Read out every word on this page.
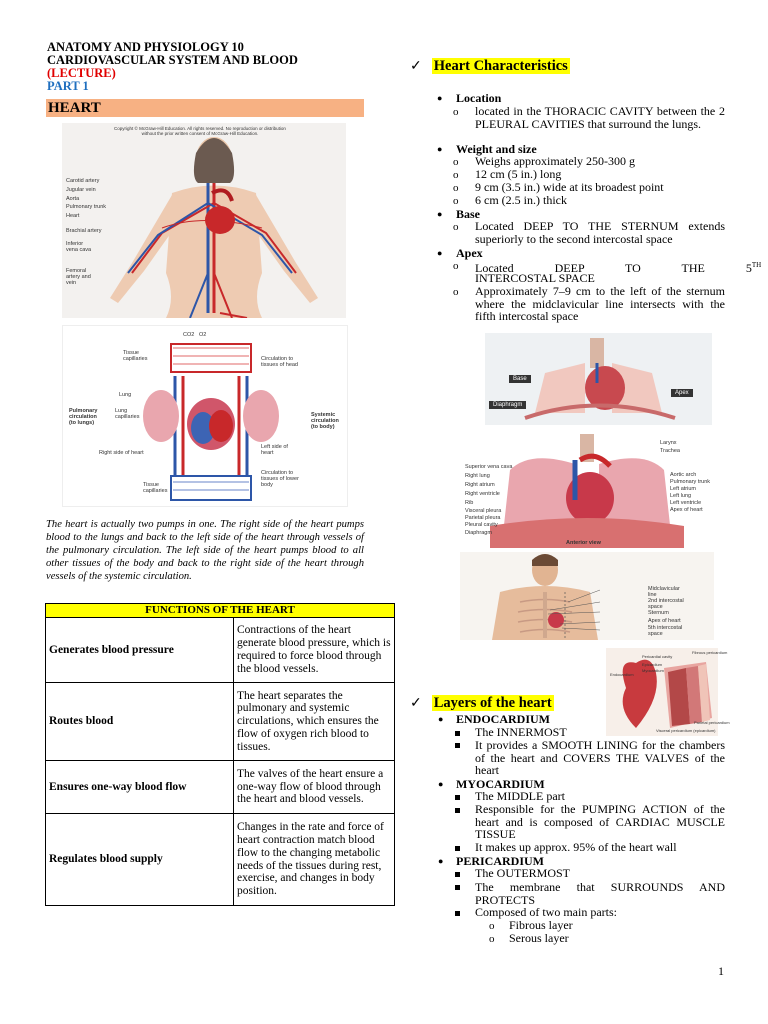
ANATOMY AND PHYSIOLOGY 10
CARDIOVASCULAR SYSTEM AND BLOOD
(LECTURE)
PART 1
HEART
Copyright © McGraw-Hill Education. All rights reserved. No reproduction or distribution without the prior written consent of McGraw-Hill Education.
Carotid artery
Jugular vein
Aorta
Pulmonary trunk
Heart
Brachial artery
Inferior vena cava
Femoral artery and vein
Tissue capillaries	Circulation to tissues of head
Lung
Lung capillaries
Pulmonary circulation (to lungs)
Systemic circulation (to body)
Left side of heart
Right side of heart
Circulation to tissues of lower body
Tissue capillaries
CO2 O2
The heart is actually two pumps in one. The right side of the heart pumps blood to the lungs and back to the left side of the heart through vessels of the pulmonary circulation. The left side of the heart pumps blood to all other tissues of the body and back to the right side of the heart through vessels of the systemic circulation.
FUNCTIONS OF THE HEART	
Generates blood pressure	Contractions of the heart generate blood pressure, which is required to force blood through the blood vessels.
Routes blood	The heart separates the pulmonary and systemic circulations, which ensures the flow of oxygen rich blood to tissues.
Ensures one-way blood flow	The valves of the heart ensure a one-way flow of blood through the heart and blood vessels.
Regulates blood supply	Changes in the rate and force of heart contraction match blood flow to the changing metabolic needs of the tissues during rest, exercise, and changes in body position.
✓ Heart Characteristics
● Location
o located in the THORACIC CAVITY between the 2 PLEURAL CAVITIES that surround the lungs.
● Weight and size
o Weighs approximately 250-300 g
o 12 cm (5 in.) long
o 9 cm (3.5 in.) wide at its broadest point
o 6 cm (2.5 in.) thick
● Base
o Located DEEP TO THE STERNUM extends superiorly to the second intercostal space
● Apex
o Located DEEP TO THE 5TH
INTERCOSTAL SPACE
o Approximately 7–9 cm to the left of the sternum where the midclavicular line intersects with the fifth intercostal space
Base
Apex
Diaphragm
Superior vena cava
Right lung
Right atrium
Right ventricle
Rib
Visceral pleura
Parietal pleura
Pleural cavity
Diaphragm
Larynx
Trachea
Aortic arch
Pulmonary trunk
Left atrium
Left lung
Left ventricle
Apex of heart
Anterior view
Midclavicular line
2nd intercostal space
Sternum
Apex of heart
5th intercostal space
Pericardial cavity
Fibrous pericardium
Epicardium
Myocardium
Endocardium
Parietal pericardium
Visceral pericardium (epicardium)
✓ Layers of the heart
● ENDOCARDIUM
The INNERMOST
It provides a SMOOTH LINING for the chambers of the heart and COVERS THE VALVES of the heart
● MYOCARDIUM
The MIDDLE part
Responsible for the PUMPING ACTION of the heart and is composed of CARDIAC MUSCLE TISSUE
It makes up approx. 95% of the heart wall
● PERICARDIUM
The OUTERMOST
The membrane that SURROUNDS AND PROTECTS
Composed of two main parts:
o Fibrous layer
o Serous layer
1
